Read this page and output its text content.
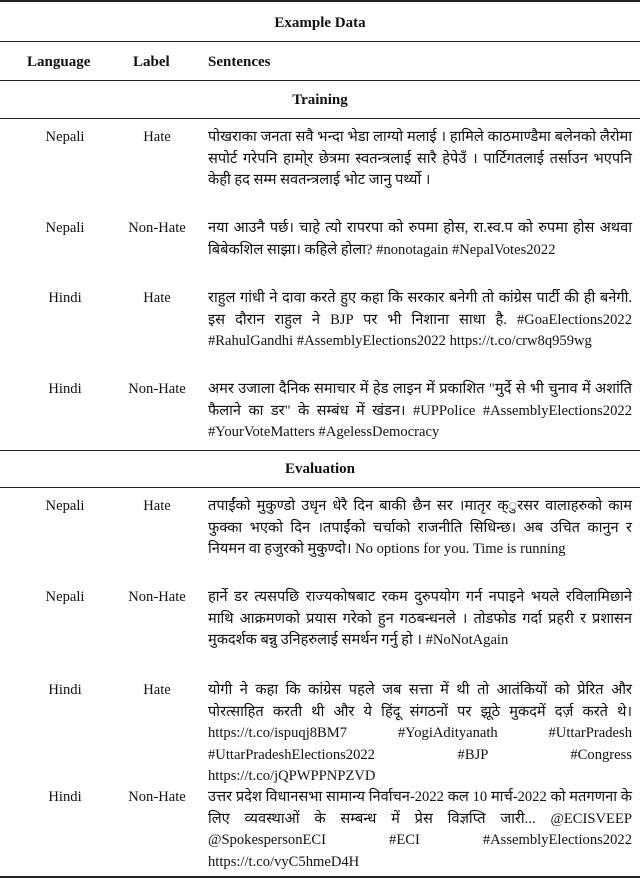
Example Data
Language	Label	Sentences
Training
Nepali	Hate	पोखराका जनता सवै भन्दा भेडा लाग्यो मलाई । हामिले काठमाण्डैमा बलेनको लैरोमा सपोर्ट गरेपनि हामो्र छेत्रमा स्वतन्त्रलाई सारै हेपेउँ । पार्टिगतलाई तर्साउन भएपनि केही हद सम्म सवतन्त्रलाई भोट जानु पर्थ्यो ।
Nepali	Non-Hate	नया आउनै पर्छ। चाहे त्यो रापरपा को रुपमा होस, रा.स्व.प को रुपमा होस अथवा बिबेकशिल साझा। कहिले होला? #nonotagain #NepalVotes2022
Hindi	Hate	राहुल गांधी ने दावा करते हुए कहा कि सरकार बनेगी तो कांग्रेस पार्टी की ही बनेगी. इस दौरान राहुल ने BJP पर भी निशाना साधा है. #GoaElections2022 #RahulGandhi #AssemblyElections2022 https://t.co/crw8q959wg
Hindi	Non-Hate	अमर उजाला दैनिक समाचार में हेड लाइन में प्रकाशित "मुर्दे से भी चुनाव में अशांति फैलाने का डर" के सम्बंध में खंडन। #UPPolice #AssemblyElections2022 #YourVoteMatters #AgelessDemocracy
Evaluation
Nepali	Hate	तपाईंको मुकुण्डो उधृन धेरै दिन बाकी छैन सर ।मातृर क्ुरसर वालाहरुको काम फुक्का भएको दिन ।तपाईंको चर्चाको राजनीति सिधिन्छ। अब उचित कानुन र नियमन वा हजुरको मुकुण्दो। No options for you. Time is running
Nepali	Non-Hate	हार्ने डर त्यसपछि राज्यकोषबाट रकम दुरुपयोग गर्न नपाइने भयले रविलामिछाने माथि आक्रमणको प्रयास गरेको हुन गठबन्धनले । तोडफोड गर्दा प्रहरी र प्रशासन मुकदर्शक बन्नु उनिहरुलाई समर्थन गर्नु हो । #NoNotAgain
Hindi	Hate	योगी ने कहा कि कांग्रेस पहले जब सत्ता में थी तो आतंकियों को प्रेरित और पोरत्साहित करती थी और ये हिंदू संगठनों पर झूठे मुकदमें दर्ज़ करते थे। https://t.co/ispuqj8BM7 #YogiAdityanath #UttarPradesh #UttarPradeshElections2022 #BJP #Congress https://t.co/jQPWPPNPZVD
Hindi	Non-Hate	उत्तर प्रदेश विधानसभा सामान्य निर्वाचन-2022 कल 10 मार्च-2022 को मतगणना के लिए व्यवस्थाओं के सम्बन्ध में प्रेस विज्ञप्ति जारी... @ECISVEEP @SpokespersonECI #ECI #AssemblyElections2022 https://t.co/vyC5hmeD4H
